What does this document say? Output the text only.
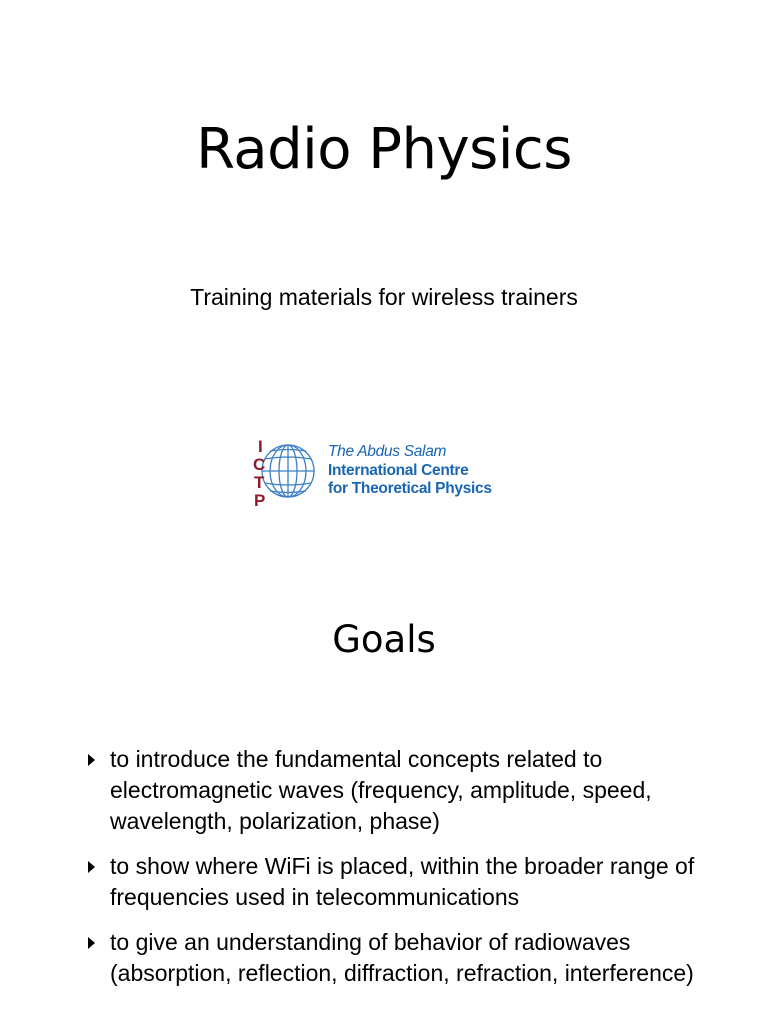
Radio Physics

Training materials for wireless trainers

I
C
T
P
The Abdus Salam
International Centre
for Theoretical Physics
Goals
to introduce the fundamental concepts related to electromagnetic waves (frequency, amplitude, speed, wavelength, polarization, phase)
to show where WiFi is placed, within the broader range of frequencies used in telecommunications
to give an understanding of behavior of radiowaves (absorption, reflection, diffraction, refraction, interference)
